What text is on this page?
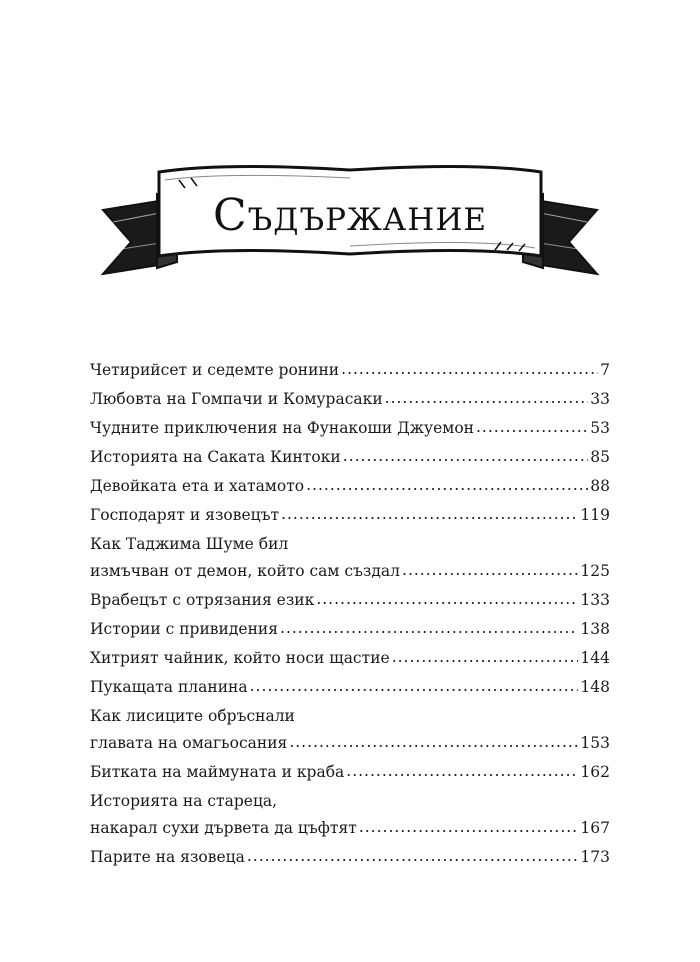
Съдържание
Четирийсет и седемте ронини .....	7
Любовта на Гомпачи и Комурасаки .....	33
Чудните приключения на Фунакоши Джуемон .....	53
Историята на Саката Кинтоки .....	85
Девойката ета и хатамото .....	88
Господарят и язовецът .....	119
Как Таджима Шуме бил
измъчван от демон, който сам създал .....	125
Врабецът с отрязания език .....	133
Истории с привидения .....	138
Хитрият чайник, който носи щастие .....	144
Пукащата планина .....	148
Как лисиците обръснали
главата на омагьосания .....	153
Битката на маймуната и краба .....	162
Историята на стареца,
накарал сухи дървета да цъфтят .....	167
Парите на язовеца .....	173
